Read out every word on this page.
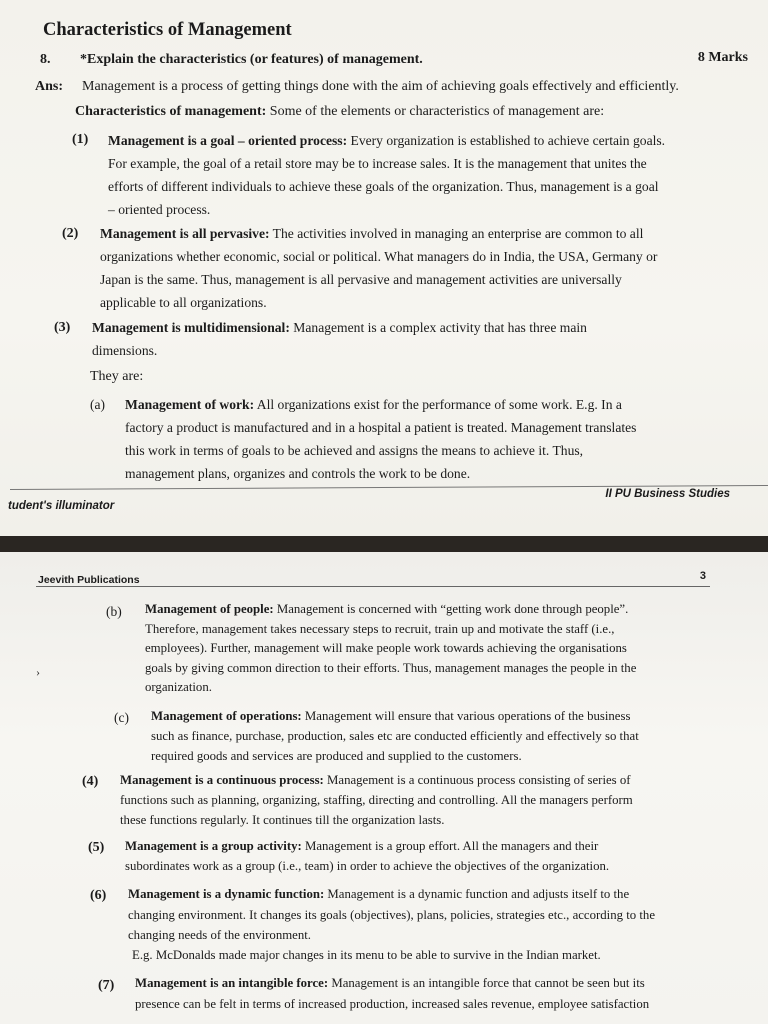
Characteristics of Management
8. *Explain the characteristics (or features) of management.	8 Marks
Ans: Management is a process of getting things done with the aim of achieving goals effectively and efficiently.
Characteristics of management: Some of the elements or characteristics of management are:
(1) Management is a goal – oriented process: Every organization is established to achieve certain goals.
For example, the goal of a retail store may be to increase sales. It is the management that unites the
efforts of different individuals to achieve these goals of the organization. Thus, management is a goal
– oriented process.
(2) Management is all pervasive: The activities involved in managing an enterprise are common to all
organizations whether economic, social or political. What managers do in India, the USA, Germany or
Japan is the same. Thus, management is all pervasive and management activities are universally
applicable to all organizations.
(3) Management is multidimensional: Management is a complex activity that has three main
dimensions.
They are:
(a) Management of work: All organizations exist for the performance of some work. E.g. In a
factory a product is manufactured and in a hospital a patient is treated. Management translates
this work in terms of goals to be achieved and assigns the means to achieve it. Thus,
management plans, organizes and controls the work to be done.
tudent's illuminator
II PU Business Studies
Jeevith Publications	3
›
(b) Management of people: Management is concerned with “getting work done through people”.
Therefore, management takes necessary steps to recruit, train up and motivate the staff (i.e.,
employees). Further, management will make people work towards achieving the organisations
goals by giving common direction to their efforts. Thus, management manages the people in the
organization.
(c) Management of operations: Management will ensure that various operations of the business
such as finance, purchase, production, sales etc are conducted efficiently and effectively so that
required goods and services are produced and supplied to the customers.
(4) Management is a continuous process: Management is a continuous process consisting of series of
functions such as planning, organizing, staffing, directing and controlling. All the managers perform
these functions regularly. It continues till the organization lasts.
(5) Management is a group activity: Management is a group effort. All the managers and their
subordinates work as a group (i.e., team) in order to achieve the objectives of the organization.
(6) Management is a dynamic function: Management is a dynamic function and adjusts itself to the
changing environment. It changes its goals (objectives), plans, policies, strategies etc., according to the
changing needs of the environment.
E.g. McDonalds made major changes in its menu to be able to survive in the Indian market.
(7) Management is an intangible force: Management is an intangible force that cannot be seen but its
presence can be felt in terms of increased production, increased sales revenue, employee satisfaction
